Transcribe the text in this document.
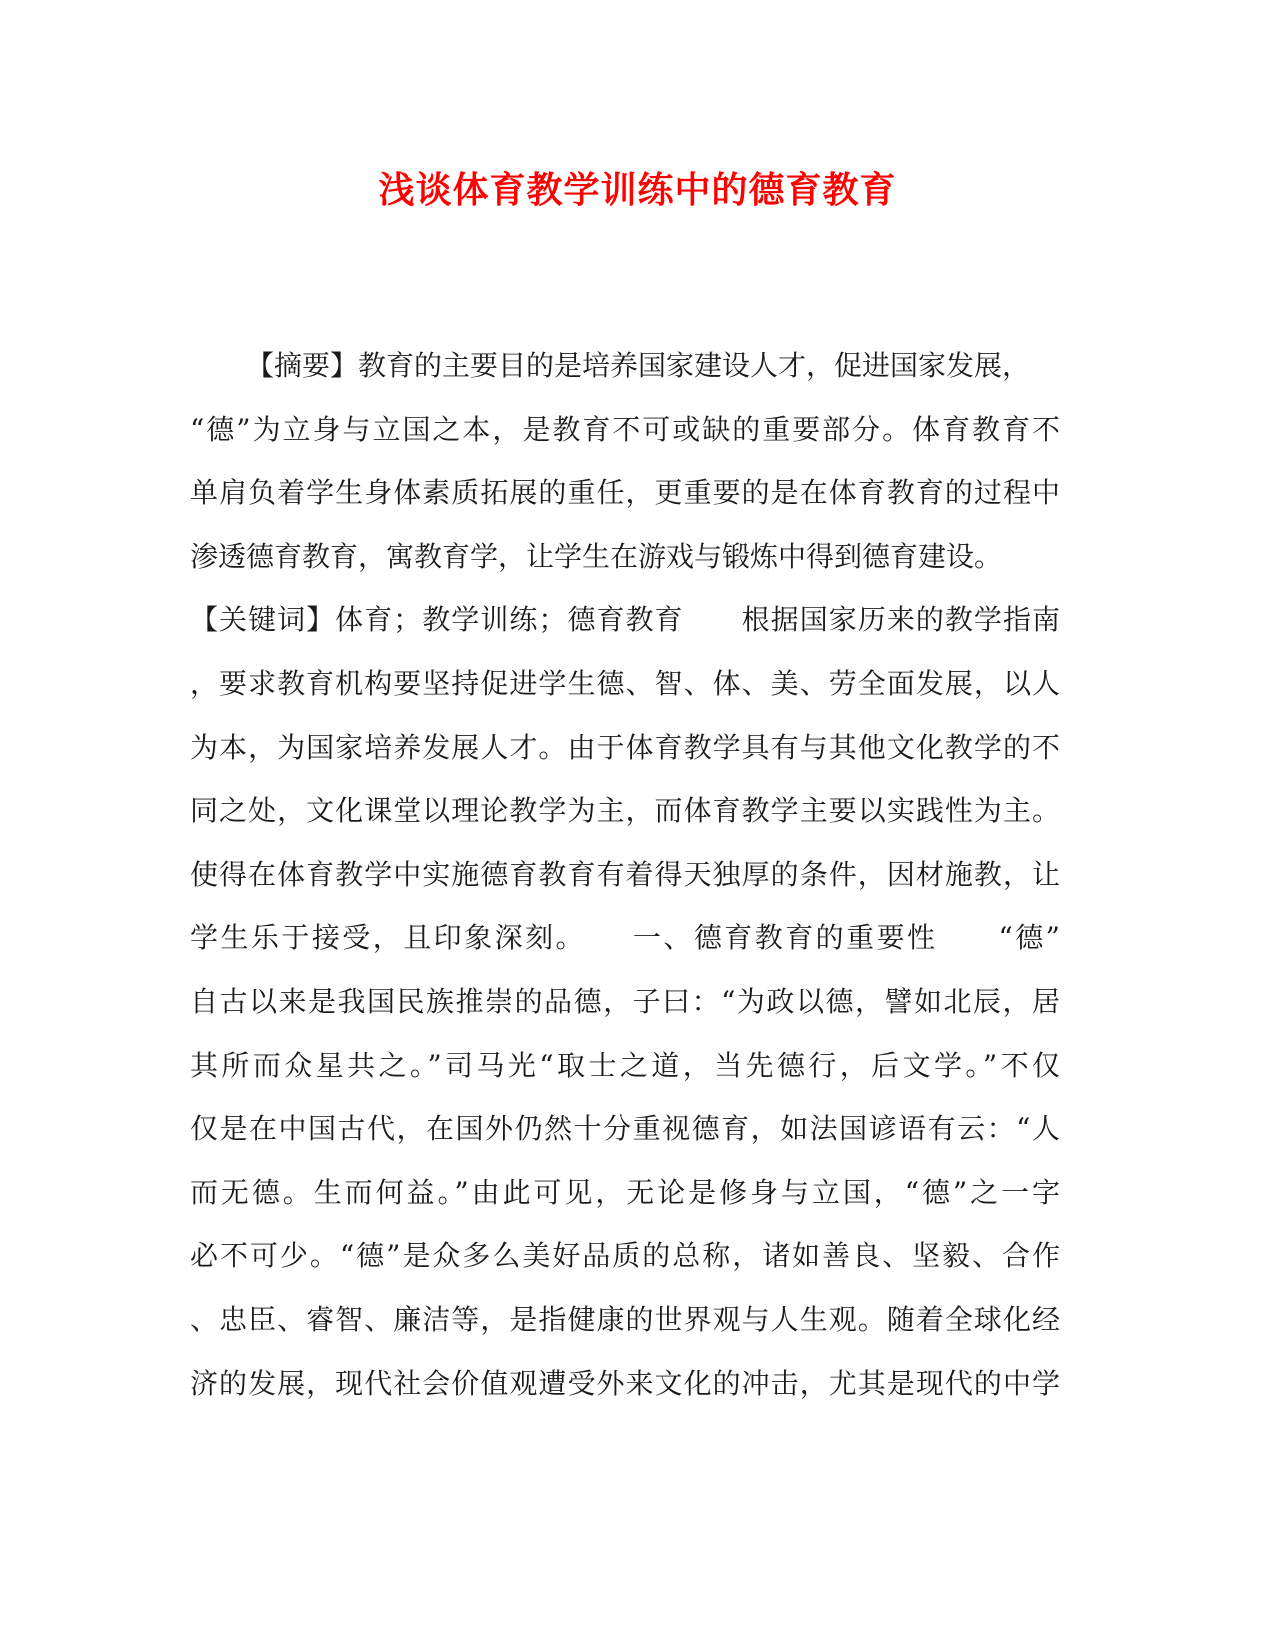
浅谈体育教学训练中的德育教育
【摘要】教育的主要目的是培养国家建设人才，促进国家发展，
“德”为立身与立国之本，是教育不可或缺的重要部分。体育教育不
单肩负着学生身体素质拓展的重任，更重要的是在体育教育的过程中
渗透德育教育，寓教育学，让学生在游戏与锻炼中得到德育建设。
【关键词】体育；教学训练；德育教育　　根据国家历来的教学指南
，要求教育机构要坚持促进学生德、智、体、美、劳全面发展，以人
为本，为国家培养发展人才。由于体育教学具有与其他文化教学的不
同之处，文化课堂以理论教学为主，而体育教学主要以实践性为主。
使得在体育教学中实施德育教育有着得天独厚的条件，因材施教，让
学生乐于接受，且印象深刻。　　一、德育教育的重要性　　“德”
自古以来是我国民族推崇的品德，子曰：“为政以德，譬如北辰，居
其所而众星共之。”司马光“取士之道，当先德行，后文学。”不仅
仅是在中国古代，在国外仍然十分重视德育，如法国谚语有云：“人
而无德。生而何益。”由此可见，无论是修身与立国，“德”之一字
必不可少。“德”是众多么美好品质的总称，诸如善良、坚毅、合作
、忠臣、睿智、廉洁等，是指健康的世界观与人生观。随着全球化经
济的发展，现代社会价值观遭受外来文化的冲击，尤其是现代的中学
